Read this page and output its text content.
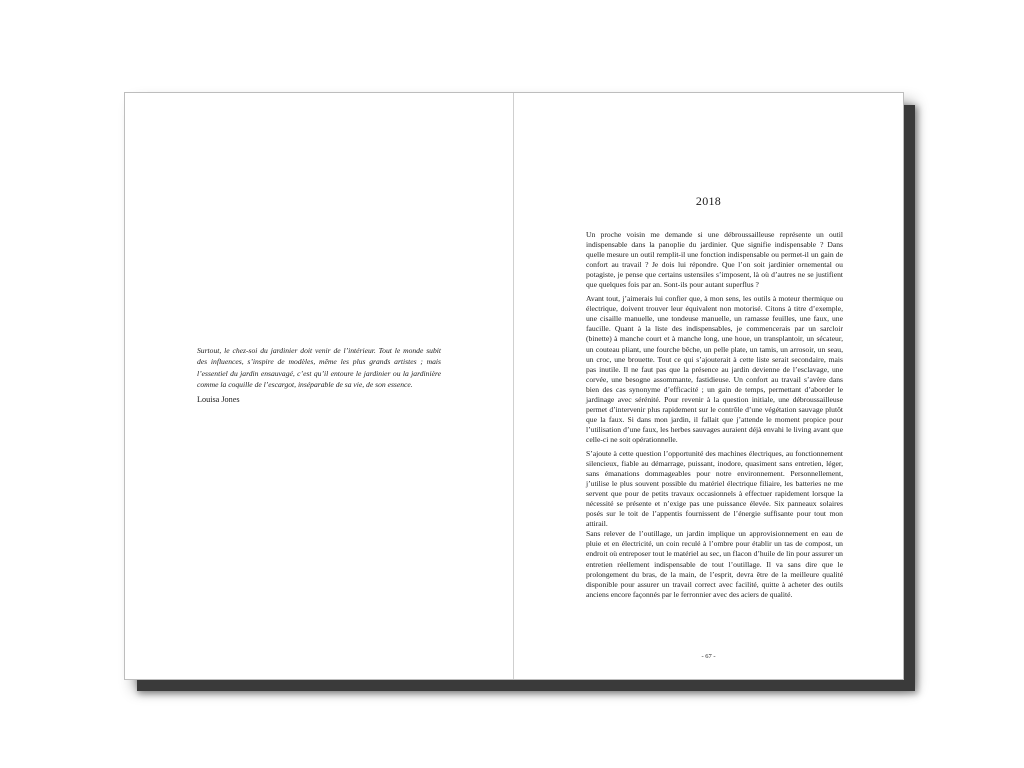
Surtout, le chez-soi du jardinier doit venir de l’intérieur. Tout le monde subit des influences, s’inspire de modèles, même les plus grands artistes ; mais l’essentiel du jardin ensauvagé, c’est qu’il entoure le jardinier ou la jardinière comme la coquille de l’escargot, inséparable de sa vie, de son essence.

Louisa Jones
2018

Un proche voisin me demande si une débroussailleuse représente un outil indispensable dans la panoplie du jardinier. Que signifie indispensable ? Dans quelle mesure un outil remplit-il une fonction indispensable ou permet-il un gain de confort au travail ? Je dois lui répondre. Que l’on soit jardinier ornemental ou potagiste, je pense que certains ustensiles s’imposent, là où d’autres ne se justifient que quelques fois par an. Sont-ils pour autant superflus ?

Avant tout, j’aimerais lui confier que, à mon sens, les outils à moteur thermique ou électrique, doivent trouver leur équivalent non motorisé. Citons à titre d’exemple, une cisaille manuelle, une tondeuse manuelle, un ramasse feuilles, une faux, une faucille. Quant à la liste des indispensables, je commencerais par un sarcloir (binette) à manche court et à manche long, une houe, un transplantoir, un sécateur, un couteau pliant, une fourche bêche, un pelle plate, un tamis, un arrosoir, un seau, un croc, une brouette. Tout ce qui s’ajouterait à cette liste serait secondaire, mais pas inutile. Il ne faut pas que la présence au jardin devienne de l’esclavage, une corvée, une besogne assommante, fastidieuse. Un confort au travail s’avère dans bien des cas synonyme d’efficacité ; un gain de temps, permettant d’aborder le jardinage avec sérénité. Pour revenir à la question initiale, une débroussailleuse permet d’intervenir plus rapidement sur le contrôle d’une végétation sauvage plutôt que la faux. Si dans mon jardin, il fallait que j’attende le moment propice pour l’utilisation d’une faux, les herbes sauvages auraient déjà envahi le living avant que celle-ci ne soit opérationnelle.

S’ajoute à cette question l’opportunité des machines électriques, au fonctionnement silencieux, fiable au démarrage, puissant, inodore, quasiment sans entretien, léger, sans émanations dommageables pour notre environnement. Personnellement, j’utilise le plus souvent possible du matériel électrique filiaire, les batteries ne me servent que pour de petits travaux occasionnels à effectuer rapidement lorsque la nécessité se présente et n’exige pas une puissance élevée. Six panneaux solaires posés sur le toit de l’appentis fournissent de l’énergie suffisante pour tout mon attirail.

Sans relever de l’outillage, un jardin implique un approvisionnement en eau de pluie et en électricité, un coin reculé à l’ombre pour établir un tas de compost, un endroit où entreposer tout le matériel au sec, un flacon d’huile de lin pour assurer un entretien réellement indispensable de tout l’outillage. Il va sans dire que le prolongement du bras, de la main, de l’esprit, devra être de la meilleure qualité disponible pour assurer un travail correct avec facilité, quitte à acheter des outils anciens encore façonnés par le ferronnier avec des aciers de qualité.

- 67 -
